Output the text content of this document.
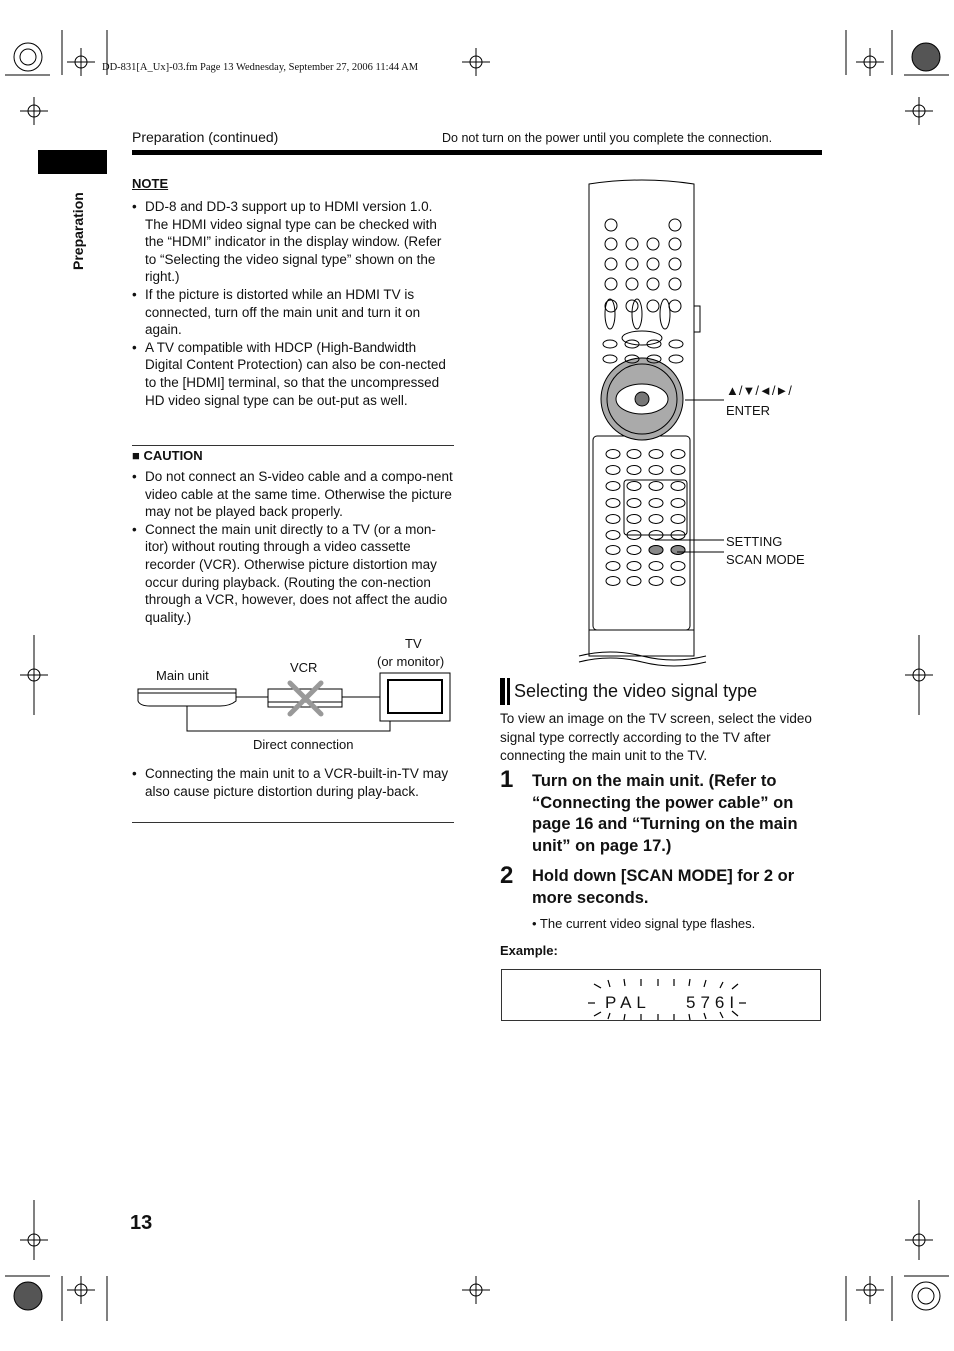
DD-831[A_Ux]-03.fm Page 13 Wednesday, September 27, 2006 11:44 AM
Preparation (continued)	Do not turn on the power until you complete the connection.
Preparation
NOTE
• DD-8 and DD-3 support up to HDMI version 1.0. The HDMI video signal type can be checked with the “HDMI” indicator in the display window. (Refer to “Selecting the video signal type” shown on the right.)
• If the picture is distorted while an HDMI TV is connected, turn off the main unit and turn it on again.
• A TV compatible with HDCP (High-Bandwidth Digital Content Protection) can also be con-nected to the [HDMI] terminal, so that the uncompressed HD video signal type can be out-put as well.
■ CAUTION
• Do not connect an S-video cable and a compo-nent video cable at the same time. Otherwise the picture may not be played back properly.
• Connect the main unit directly to a TV (or a mon-itor) without routing through a video cassette recorder (VCR). Otherwise picture distortion may occur during playback. (Routing the con-nection through a VCR, however, does not affect the audio quality.)
Main unit
VCR
TV
(or monitor)
Direct connection
• Connecting the main unit to a VCR-built-in-TV may also cause picture distortion during play-back.
▲/▼/◄/►/
ENTER
SETTING
SCAN MODE
Selecting the video signal type
To view an image on the TV screen, select the video signal type correctly according to the TV after connecting the main unit to the TV.
1 Turn on the main unit. (Refer to “Connecting the power cable” on page 16 and “Turning on the main unit” on page 17.)
2 Hold down [SCAN MODE] for 2 or more seconds.
• The current video signal type flashes.
Example:
PAL 576I
13
